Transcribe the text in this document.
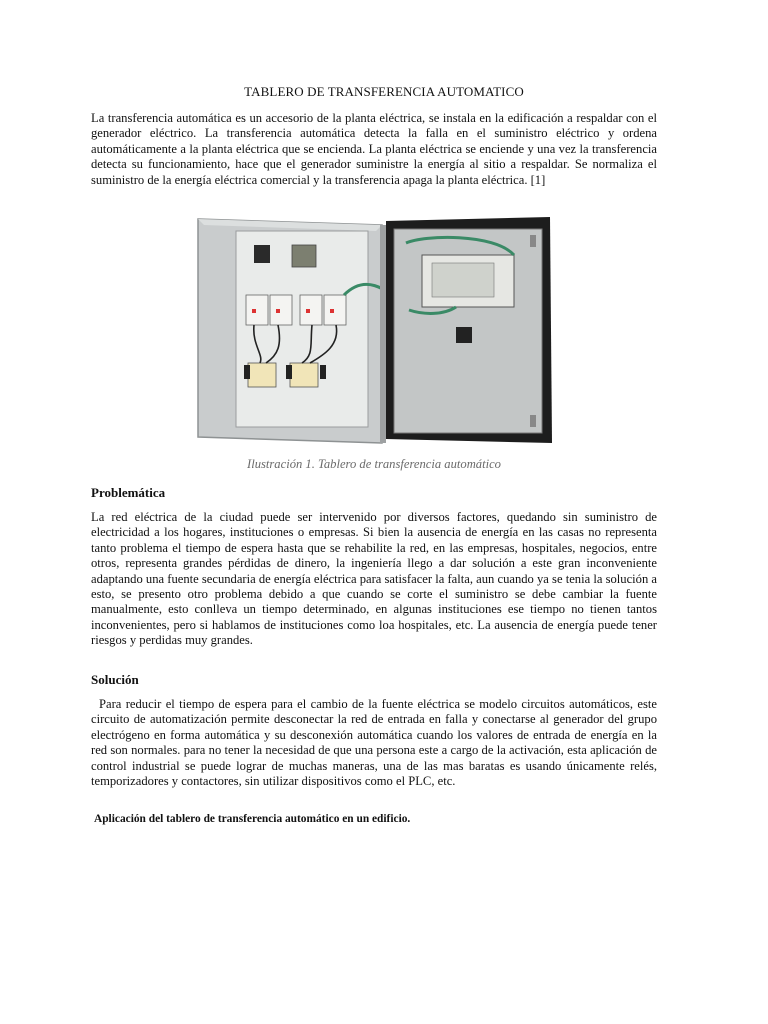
TABLERO DE TRANSFERENCIA AUTOMATICO

La transferencia automática es un accesorio de la planta eléctrica, se instala en la edificación a respaldar con el generador eléctrico. La transferencia automática detecta la falla en el suministro eléctrico y ordena automáticamente a la planta eléctrica que se encienda. La planta eléctrica se enciende y una vez la transferencia detecta su funcionamiento, hace que el generador suministre la energía al sitio a respaldar. Se normaliza el suministro de la energía eléctrica comercial y la transferencia apaga la planta eléctrica. [1]

Ilustración 1. Tablero de transferencia automático
Problemática

La red eléctrica de la ciudad puede ser intervenido por diversos factores, quedando sin suministro de electricidad a los hogares, instituciones o empresas. Si bien la ausencia de energía en las casas no representa tanto problema el tiempo de espera hasta que se rehabilite la red, en las empresas, hospitales, negocios, entre otros, representa grandes pérdidas de dinero, la ingeniería llego a dar solución a este gran inconveniente adaptando una fuente secundaria de energía eléctrica para satisfacer la falta, aun cuando ya se tenia la solución a esto, se presento otro problema debido a que cuando se corte el suministro se debe cambiar la fuente manualmente, esto conlleva un tiempo determinado, en algunas instituciones ese tiempo no tienen tantos inconvenientes, pero si hablamos de instituciones como loa hospitales, etc. La ausencia de energía puede tener riesgos y perdidas muy grandes.

Solución

Para reducir el tiempo de espera para el cambio de la fuente eléctrica se modelo circuitos automáticos, este circuito de automatización permite desconectar la red de entrada en falla y conectarse al generador del grupo electrógeno en forma automática y su desconexión automática cuando los valores de entrada de energía en la red son normales. para no tener la necesidad de que una persona este a cargo de la activación, esta aplicación de control industrial se puede lograr de muchas maneras, una de las mas baratas es usando únicamente relés, temporizadores y contactores, sin utilizar dispositivos como el PLC, etc.

Aplicación del tablero de transferencia automático en un edificio.
